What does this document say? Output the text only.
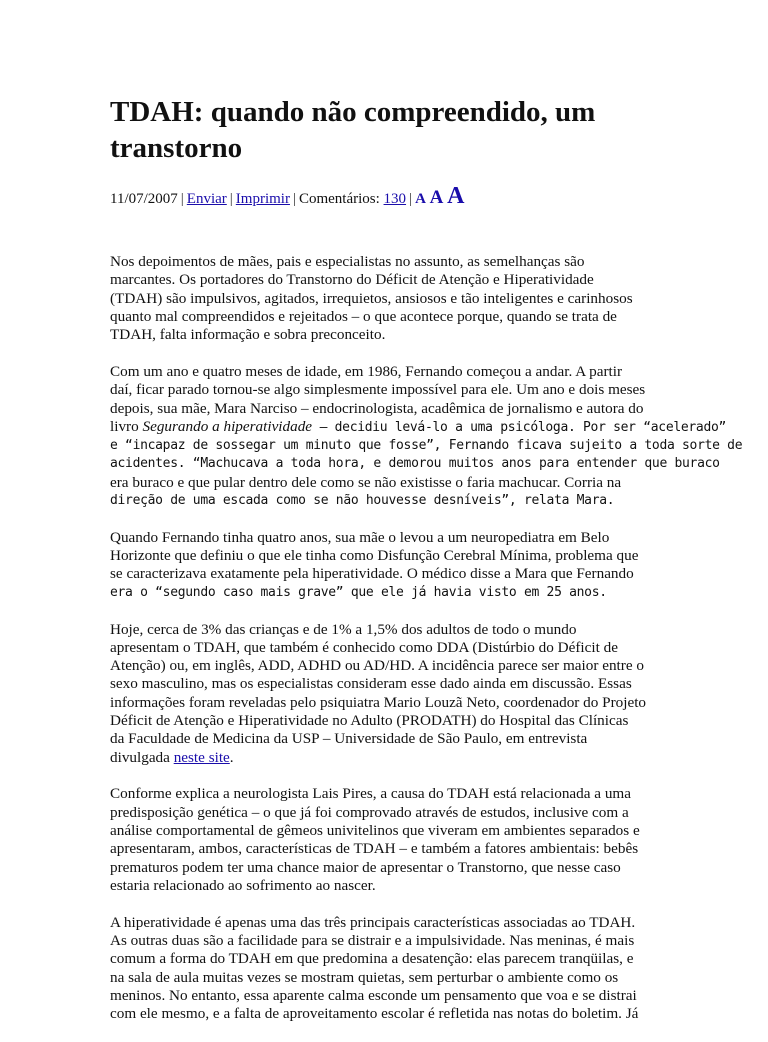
TDAH: quando não compreendido, um
transtorno
11/07/2007 | Enviar | Imprimir | Comentários: 130 | A A A

Nos depoimentos de mães, pais e especialistas no assunto, as semelhanças são
marcantes. Os portadores do Transtorno do Déficit de Atenção e Hiperatividade
(TDAH) são impulsivos, agitados, irrequietos, ansiosos e tão inteligentes e carinhosos
quanto mal compreendidos e rejeitados – o que acontece porque, quando se trata de
TDAH, falta informação e sobra preconceito.

Com um ano e quatro meses de idade, em 1986, Fernando começou a andar. A partir
daí, ficar parado tornou-se algo simplesmente impossível para ele. Um ano e dois meses
depois, sua mãe, Mara Narciso – endocrinologista, acadêmica de jornalismo e autora do
livro Segurando a hiperatividade – decidiu levá-lo a uma psicóloga. Por ser “acelerado”
e “incapaz de sossegar um minuto que fosse”, Fernando ficava sujeito a toda sorte de
acidentes. “Machucava a toda hora, e demorou muitos anos para entender que buraco
era buraco e que pular dentro dele como se não existisse o faria machucar. Corria na
direção de uma escada como se não houvesse desníveis”, relata Mara.

Quando Fernando tinha quatro anos, sua mãe o levou a um neuropediatra em Belo
Horizonte que definiu o que ele tinha como Disfunção Cerebral Mínima, problema que
se caracterizava exatamente pela hiperatividade. O médico disse a Mara que Fernando
era o “segundo caso mais grave” que ele já havia visto em 25 anos.

Hoje, cerca de 3% das crianças e de 1% a 1,5% dos adultos de todo o mundo
apresentam o TDAH, que também é conhecido como DDA (Distúrbio do Déficit de
Atenção) ou, em inglês, ADD, ADHD ou AD/HD. A incidência parece ser maior entre o
sexo masculino, mas os especialistas consideram esse dado ainda em discussão. Essas
informações foram reveladas pelo psiquiatra Mario Louzã Neto, coordenador do Projeto
Déficit de Atenção e Hiperatividade no Adulto (PRODATH) do Hospital das Clínicas
da Faculdade de Medicina da USP – Universidade de São Paulo, em entrevista
divulgada neste site.

Conforme explica a neurologista Lais Pires, a causa do TDAH está relacionada a uma
predisposição genética – o que já foi comprovado através de estudos, inclusive com a
análise comportamental de gêmeos univitelinos que viveram em ambientes separados e
apresentaram, ambos, características de TDAH – e também a fatores ambientais: bebês
prematuros podem ter uma chance maior de apresentar o Transtorno, que nesse caso
estaria relacionado ao sofrimento ao nascer.

A hiperatividade é apenas uma das três principais características associadas ao TDAH.
As outras duas são a facilidade para se distrair e a impulsividade. Nas meninas, é mais
comum a forma do TDAH em que predomina a desatenção: elas parecem tranqüilas, e
na sala de aula muitas vezes se mostram quietas, sem perturbar o ambiente como os
meninos. No entanto, essa aparente calma esconde um pensamento que voa e se distrai
com ele mesmo, e a falta de aproveitamento escolar é refletida nas notas do boletim. Já
